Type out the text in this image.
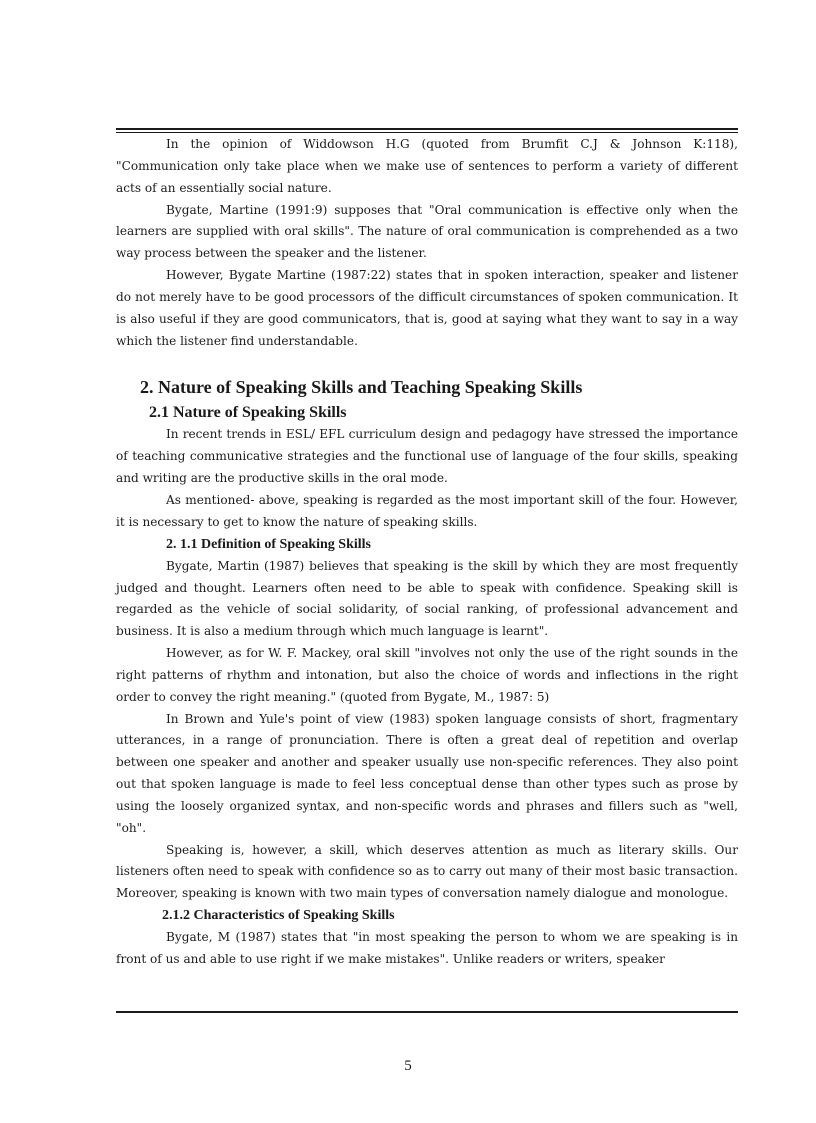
In the opinion of Widdowson H.G (quoted from Brumfit C.J & Johnson K:118), "Communication only take place when we make use of sentences to perform a variety of different acts of an essentially social nature.

Bygate, Martine (1991:9) supposes that "Oral communication is effective only when the learners are supplied with oral skills". The nature of oral communication is comprehended as a two way process between the speaker and the listener.

However, Bygate Martine (1987:22) states that in spoken interaction, speaker and listener do not merely have to be good processors of the difficult circumstances of spoken communication. It is also useful if they are good communicators, that is, good at saying what they want to say in a way which the listener find understandable.

2. Nature of Speaking Skills and Teaching Speaking Skills
2.1 Nature of Speaking Skills

In recent trends in ESL/ EFL curriculum design and pedagogy have stressed the importance of teaching communicative strategies and the functional use of language of the four skills, speaking and writing are the productive skills in the oral mode.

As mentioned- above, speaking is regarded as the most important skill of the four. However, it is necessary to get to know the nature of speaking skills.

2. 1.1 Definition of Speaking Skills

Bygate, Martin (1987) believes that speaking is the skill by which they are most frequently judged and thought. Learners often need to be able to speak with confidence. Speaking skill is regarded as the vehicle of social solidarity, of social ranking, of professional advancement and business. It is also a medium through which much language is learnt".

However, as for W. F. Mackey, oral skill "involves not only the use of the right sounds in the right patterns of rhythm and intonation, but also the choice of words and inflections in the right order to convey the right meaning." (quoted from Bygate, M., 1987: 5)

In Brown and Yule's point of view (1983) spoken language consists of short, fragmentary utterances, in a range of pronunciation. There is often a great deal of repetition and overlap between one speaker and another and speaker usually use non-specific references. They also point out that spoken language is made to feel less conceptual dense than other types such as prose by using the loosely organized syntax, and non-specific words and phrases and fillers such as "well, "oh".

Speaking is, however, a skill, which deserves attention as much as literary skills. Our listeners often need to speak with confidence so as to carry out many of their most basic transaction. Moreover, speaking is known with two main types of conversation namely dialogue and monologue.

2.1.2 Characteristics of Speaking Skills

Bygate, M (1987) states that "in most speaking the person to whom we are speaking is in front of us and able to use right if we make mistakes". Unlike readers or writers, speaker

5
